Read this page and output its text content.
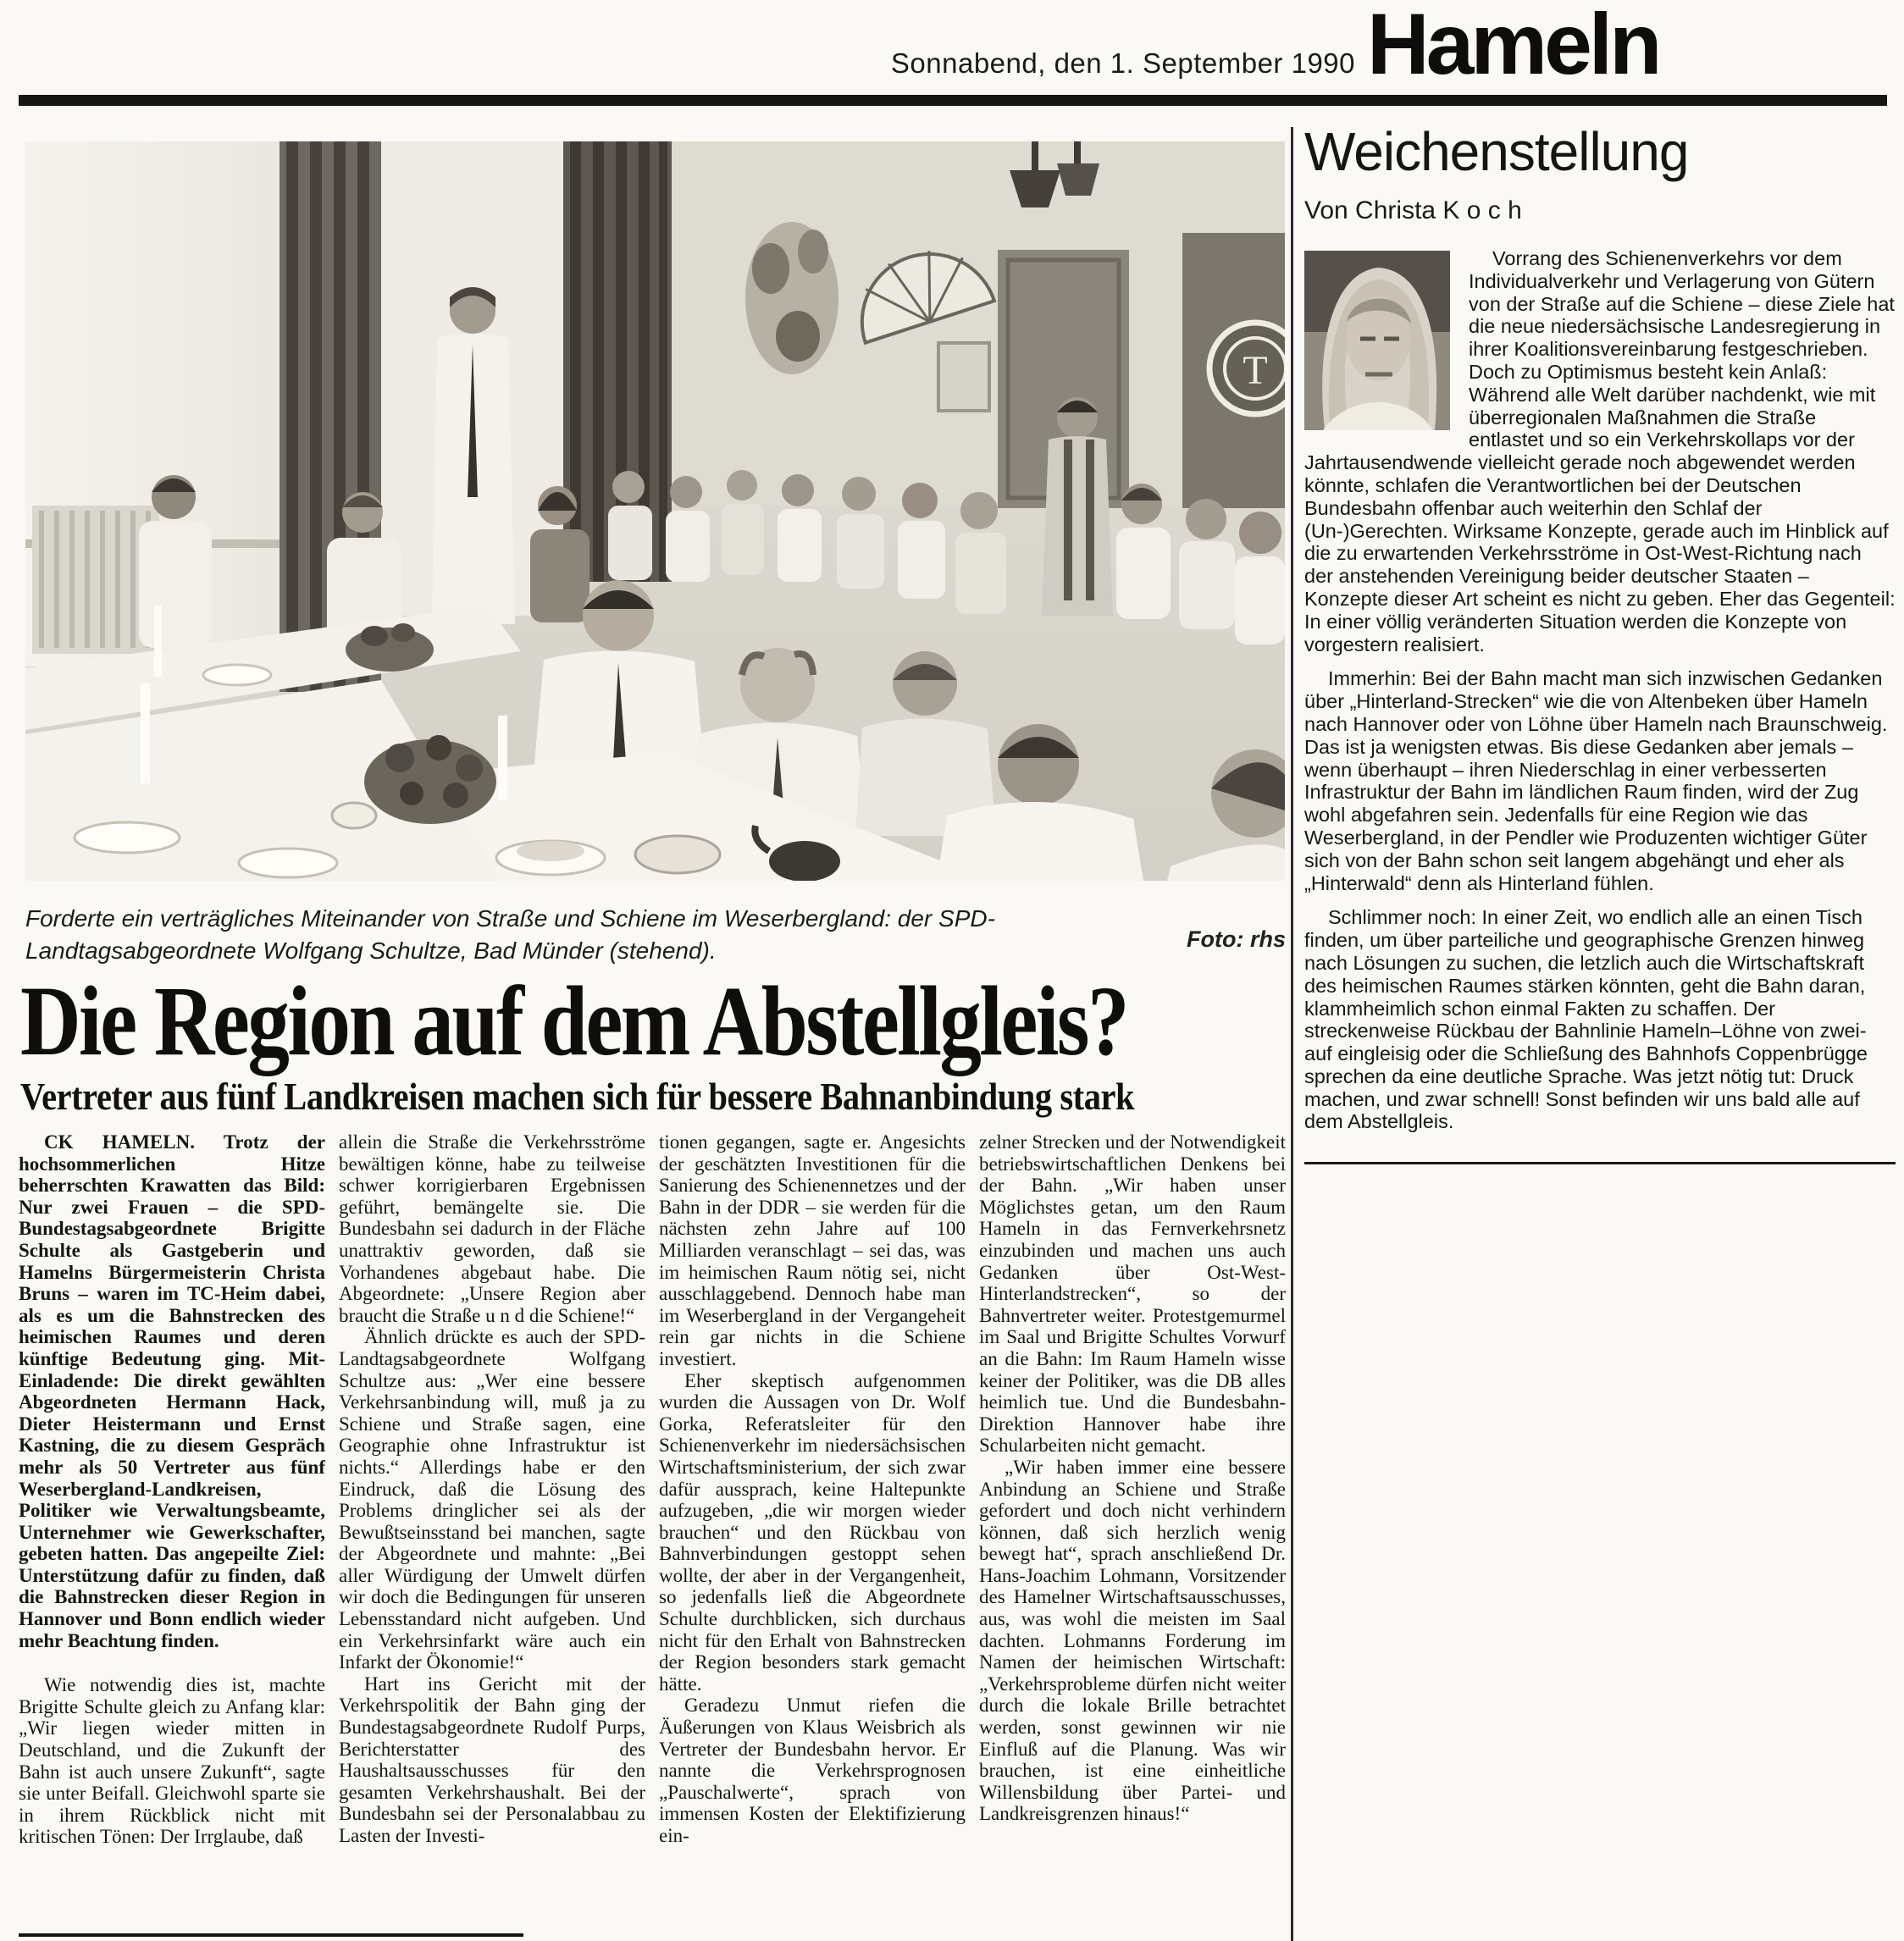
Sonnabend, den 1. September 1990 Hameln
T
Forderte ein verträgliches Miteinander von Straße und Schiene im Weserbergland: der SPD-Landtagsabgeordnete Wolfgang Schultze, Bad Münder (stehend).	Foto: rhs
Die Region auf dem Abstellgleis?
Vertreter aus fünf Landkreisen machen sich für bessere Bahnanbindung stark

CK HAMELN. Trotz der hochsommerlichen Hitze beherrschten Krawatten das Bild: Nur zwei Frauen – die SPD-Bundestagsabgeordnete Brigitte Schulte als Gastgeberin und Hamelns Bürgermeisterin Christa Bruns – waren im TC-Heim dabei, als es um die Bahnstrecken des heimischen Raumes und deren künftige Bedeutung ging. Mit-Einladende: Die direkt gewählten Abgeordneten Hermann Hack, Dieter Heistermann und Ernst Kastning, die zu diesem Gespräch mehr als 50 Vertreter aus fünf Weserbergland-Landkreisen, Politiker wie Verwaltungsbeamte, Unternehmer wie Gewerkschafter, gebeten hatten. Das angepeilte Ziel: Unterstützung dafür zu finden, daß die Bahnstrecken dieser Region in Hannover und Bonn endlich wieder mehr Beachtung finden.

Wie notwendig dies ist, machte Brigitte Schulte gleich zu Anfang klar: „Wir liegen wieder mitten in Deutschland, und die Zukunft der Bahn ist auch unsere Zukunft“, sagte sie unter Beifall. Gleichwohl sparte sie in ihrem Rückblick nicht mit kritischen Tönen: Der Irrglaube, daß

allein die Straße die Verkehrsströme bewältigen könne, habe zu teilweise schwer korrigierbaren Ergebnissen geführt, bemängelte sie. Die Bundesbahn sei dadurch in der Fläche unattraktiv geworden, daß sie Vorhandenes abgebaut habe. Die Abgeordnete: „Unsere Region aber braucht die Straße u n d die Schiene!“

Ähnlich drückte es auch der SPD-Landtagsabgeordnete Wolfgang Schultze aus: „Wer eine bessere Verkehrsanbindung will, muß ja zu Schiene und Straße sagen, eine Geographie ohne Infrastruktur ist nichts.“ Allerdings habe er den Eindruck, daß die Lösung des Problems dringlicher sei als der Bewußtseinsstand bei manchen, sagte der Abgeordnete und mahnte: „Bei aller Würdigung der Umwelt dürfen wir doch die Bedingungen für unseren Lebensstandard nicht aufgeben. Und ein Verkehrsinfarkt wäre auch ein Infarkt der Ökonomie!“

Hart ins Gericht mit der Verkehrspolitik der Bahn ging der Bundestagsabgeordnete Rudolf Purps, Berichterstatter des Haushaltsausschusses für den gesamten Verkehrshaushalt. Bei der Bundesbahn sei der Personalabbau zu Lasten der Investi-

tionen gegangen, sagte er. Angesichts der geschätzten Investitionen für die Sanierung des Schienennetzes und der Bahn in der DDR – sie werden für die nächsten zehn Jahre auf 100 Milliarden veranschlagt – sei das, was im heimischen Raum nötig sei, nicht ausschlaggebend. Dennoch habe man im Weserbergland in der Vergangeheit rein gar nichts in die Schiene investiert.

Eher skeptisch aufgenommen wurden die Aussagen von Dr. Wolf Gorka, Referatsleiter für den Schienenverkehr im niedersächsischen Wirtschaftsministerium, der sich zwar dafür aussprach, keine Haltepunkte aufzugeben, „die wir morgen wieder brauchen“ und den Rückbau von Bahnverbindungen gestoppt sehen wollte, der aber in der Vergangenheit, so jedenfalls ließ die Abgeordnete Schulte durchblicken, sich durchaus nicht für den Erhalt von Bahnstrecken der Region besonders stark gemacht hätte.

Geradezu Unmut riefen die Äußerungen von Klaus Weisbrich als Vertreter der Bundesbahn hervor. Er nannte die Verkehrsprognosen „Pauschalwerte“, sprach von immensen Kosten der Elektifizierung ein-

zelner Strecken und der Notwendigkeit betriebswirtschaftlichen Denkens bei der Bahn. „Wir haben unser Möglichstes getan, um den Raum Hameln in das Fernverkehrsnetz einzubinden und machen uns auch Gedanken über Ost-West-Hinterlandstrecken“, so der Bahnvertreter weiter. Protestgemurmel im Saal und Brigitte Schultes Vorwurf an die Bahn: Im Raum Hameln wisse keiner der Politiker, was die DB alles heimlich tue. Und die Bundesbahn-Direktion Hannover habe ihre Schularbeiten nicht gemacht.

„Wir haben immer eine bessere Anbindung an Schiene und Straße gefordert und doch nicht verhindern können, daß sich herzlich wenig bewegt hat“, sprach anschließend Dr. Hans-Joachim Lohmann, Vorsitzender des Hamelner Wirtschaftsausschusses, aus, was wohl die meisten im Saal dachten. Lohmanns Forderung im Namen der heimischen Wirtschaft: „Verkehrsprobleme dürfen nicht weiter durch die lokale Brille betrachtet werden, sonst gewinnen wir nie Einfluß auf die Planung. Was wir brauchen, ist eine einheitliche Willensbildung über Partei- und Landkreisgrenzen hinaus!“

Weichenstellung
Von Christa K o c h

Vorrang des Schienenverkehrs vor dem Individualverkehr und Verlagerung von Gütern von der Straße auf die Schiene – diese Ziele hat die neue niedersächsische Landesregierung in ihrer Koalitionsvereinbarung festgeschrieben. Doch zu Optimismus besteht kein Anlaß: Während alle Welt darüber nachdenkt, wie mit überregionalen Maßnahmen die Straße entlastet und so ein Verkehrskollaps vor der Jahrtausendwende vielleicht gerade noch abgewendet werden könnte, schlafen die Verantwortlichen bei der Deutschen Bundesbahn offenbar auch weiterhin den Schlaf der (Un-)Gerechten. Wirksame Konzepte, gerade auch im Hinblick auf die zu erwartenden Verkehrsströme in Ost-West-Richtung nach der anstehenden Vereinigung beider deutscher Staaten – Konzepte dieser Art scheint es nicht zu geben. Eher das Gegenteil: In einer völlig veränderten Situation werden die Konzepte von vorgestern realisiert.

Immerhin: Bei der Bahn macht man sich inzwischen Gedanken über „Hinterland-Strecken“ wie die von Altenbeken über Hameln nach Hannover oder von Löhne über Hameln nach Braunschweig. Das ist ja wenigsten etwas. Bis diese Gedanken aber jemals – wenn überhaupt – ihren Niederschlag in einer verbesserten Infrastruktur der Bahn im ländlichen Raum finden, wird der Zug wohl abgefahren sein. Jedenfalls für eine Region wie das Weserbergland, in der Pendler wie Produzenten wichtiger Güter sich von der Bahn schon seit langem abgehängt und eher als „Hinterwald“ denn als Hinterland fühlen.

Schlimmer noch: In einer Zeit, wo endlich alle an einen Tisch finden, um über parteiliche und geographische Grenzen hinweg nach Lösungen zu suchen, die letzlich auch die Wirtschaftskraft des heimischen Raumes stärken könnten, geht die Bahn daran, klammheimlich schon einmal Fakten zu schaffen. Der streckenweise Rückbau der Bahnlinie Hameln–Löhne von zwei- auf eingleisig oder die Schließung des Bahnhofs Coppenbrügge sprechen da eine deutliche Sprache. Was jetzt nötig tut: Druck machen, und zwar schnell! Sonst befinden wir uns bald alle auf dem Abstellgleis.
